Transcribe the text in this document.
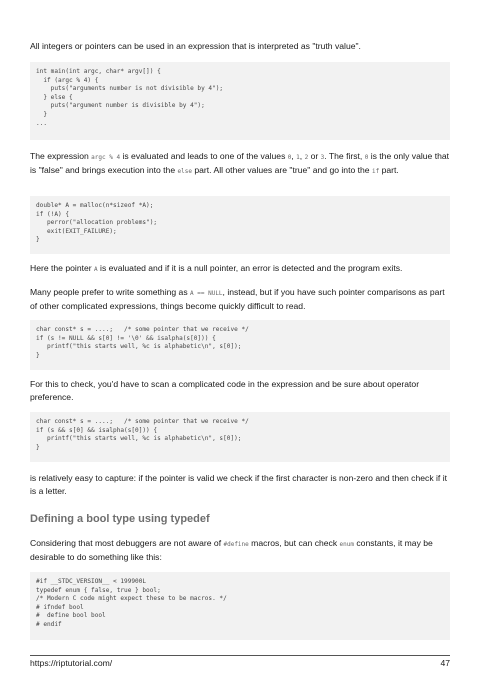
All integers or pointers can be used in an expression that is interpreted as "truth value".

int main(int argc, char* argv[]) {
if (argc % 4) {
puts("arguments number is not divisible by 4");
} else {
puts("argument number is divisible by 4");
}
...

The expression argc % 4 is evaluated and leads to one of the values 0, 1, 2 or 3. The first, 0 is the only value that is "false" and brings execution into the else part. All other values are "true" and go into the if part.

double* A = malloc(n*sizeof *A);
if (!A) {
perror("allocation problems");
exit(EXIT_FAILURE);
}

Here the pointer A is evaluated and if it is a null pointer, an error is detected and the program exits.

Many people prefer to write something as A == NULL, instead, but if you have such pointer comparisons as part of other complicated expressions, things become quickly difficult to read.

char const* s = ....;   /* some pointer that we receive */
if (s != NULL && s[0] != '\0' && isalpha(s[0])) {
printf("this starts well, %c is alphabetic\n", s[0]);
}

For this to check, you'd have to scan a complicated code in the expression and be sure about operator preference.

char const* s = ....;   /* some pointer that we receive */
if (s && s[0] && isalpha(s[0])) {
printf("this starts well, %c is alphabetic\n", s[0]);
}

is relatively easy to capture: if the pointer is valid we check if the first character is non-zero and then check if it is a letter.

Defining a bool type using typedef

Considering that most debuggers are not aware of #define macros, but can check enum constants, it may be desirable to do something like this:

#if __STDC_VERSION__ < 199900L
typedef enum { false, true } bool;
/* Modern C code might expect these to be macros. */
# ifndef bool
#  define bool bool
# endif
https://riptutorial.com/	47
